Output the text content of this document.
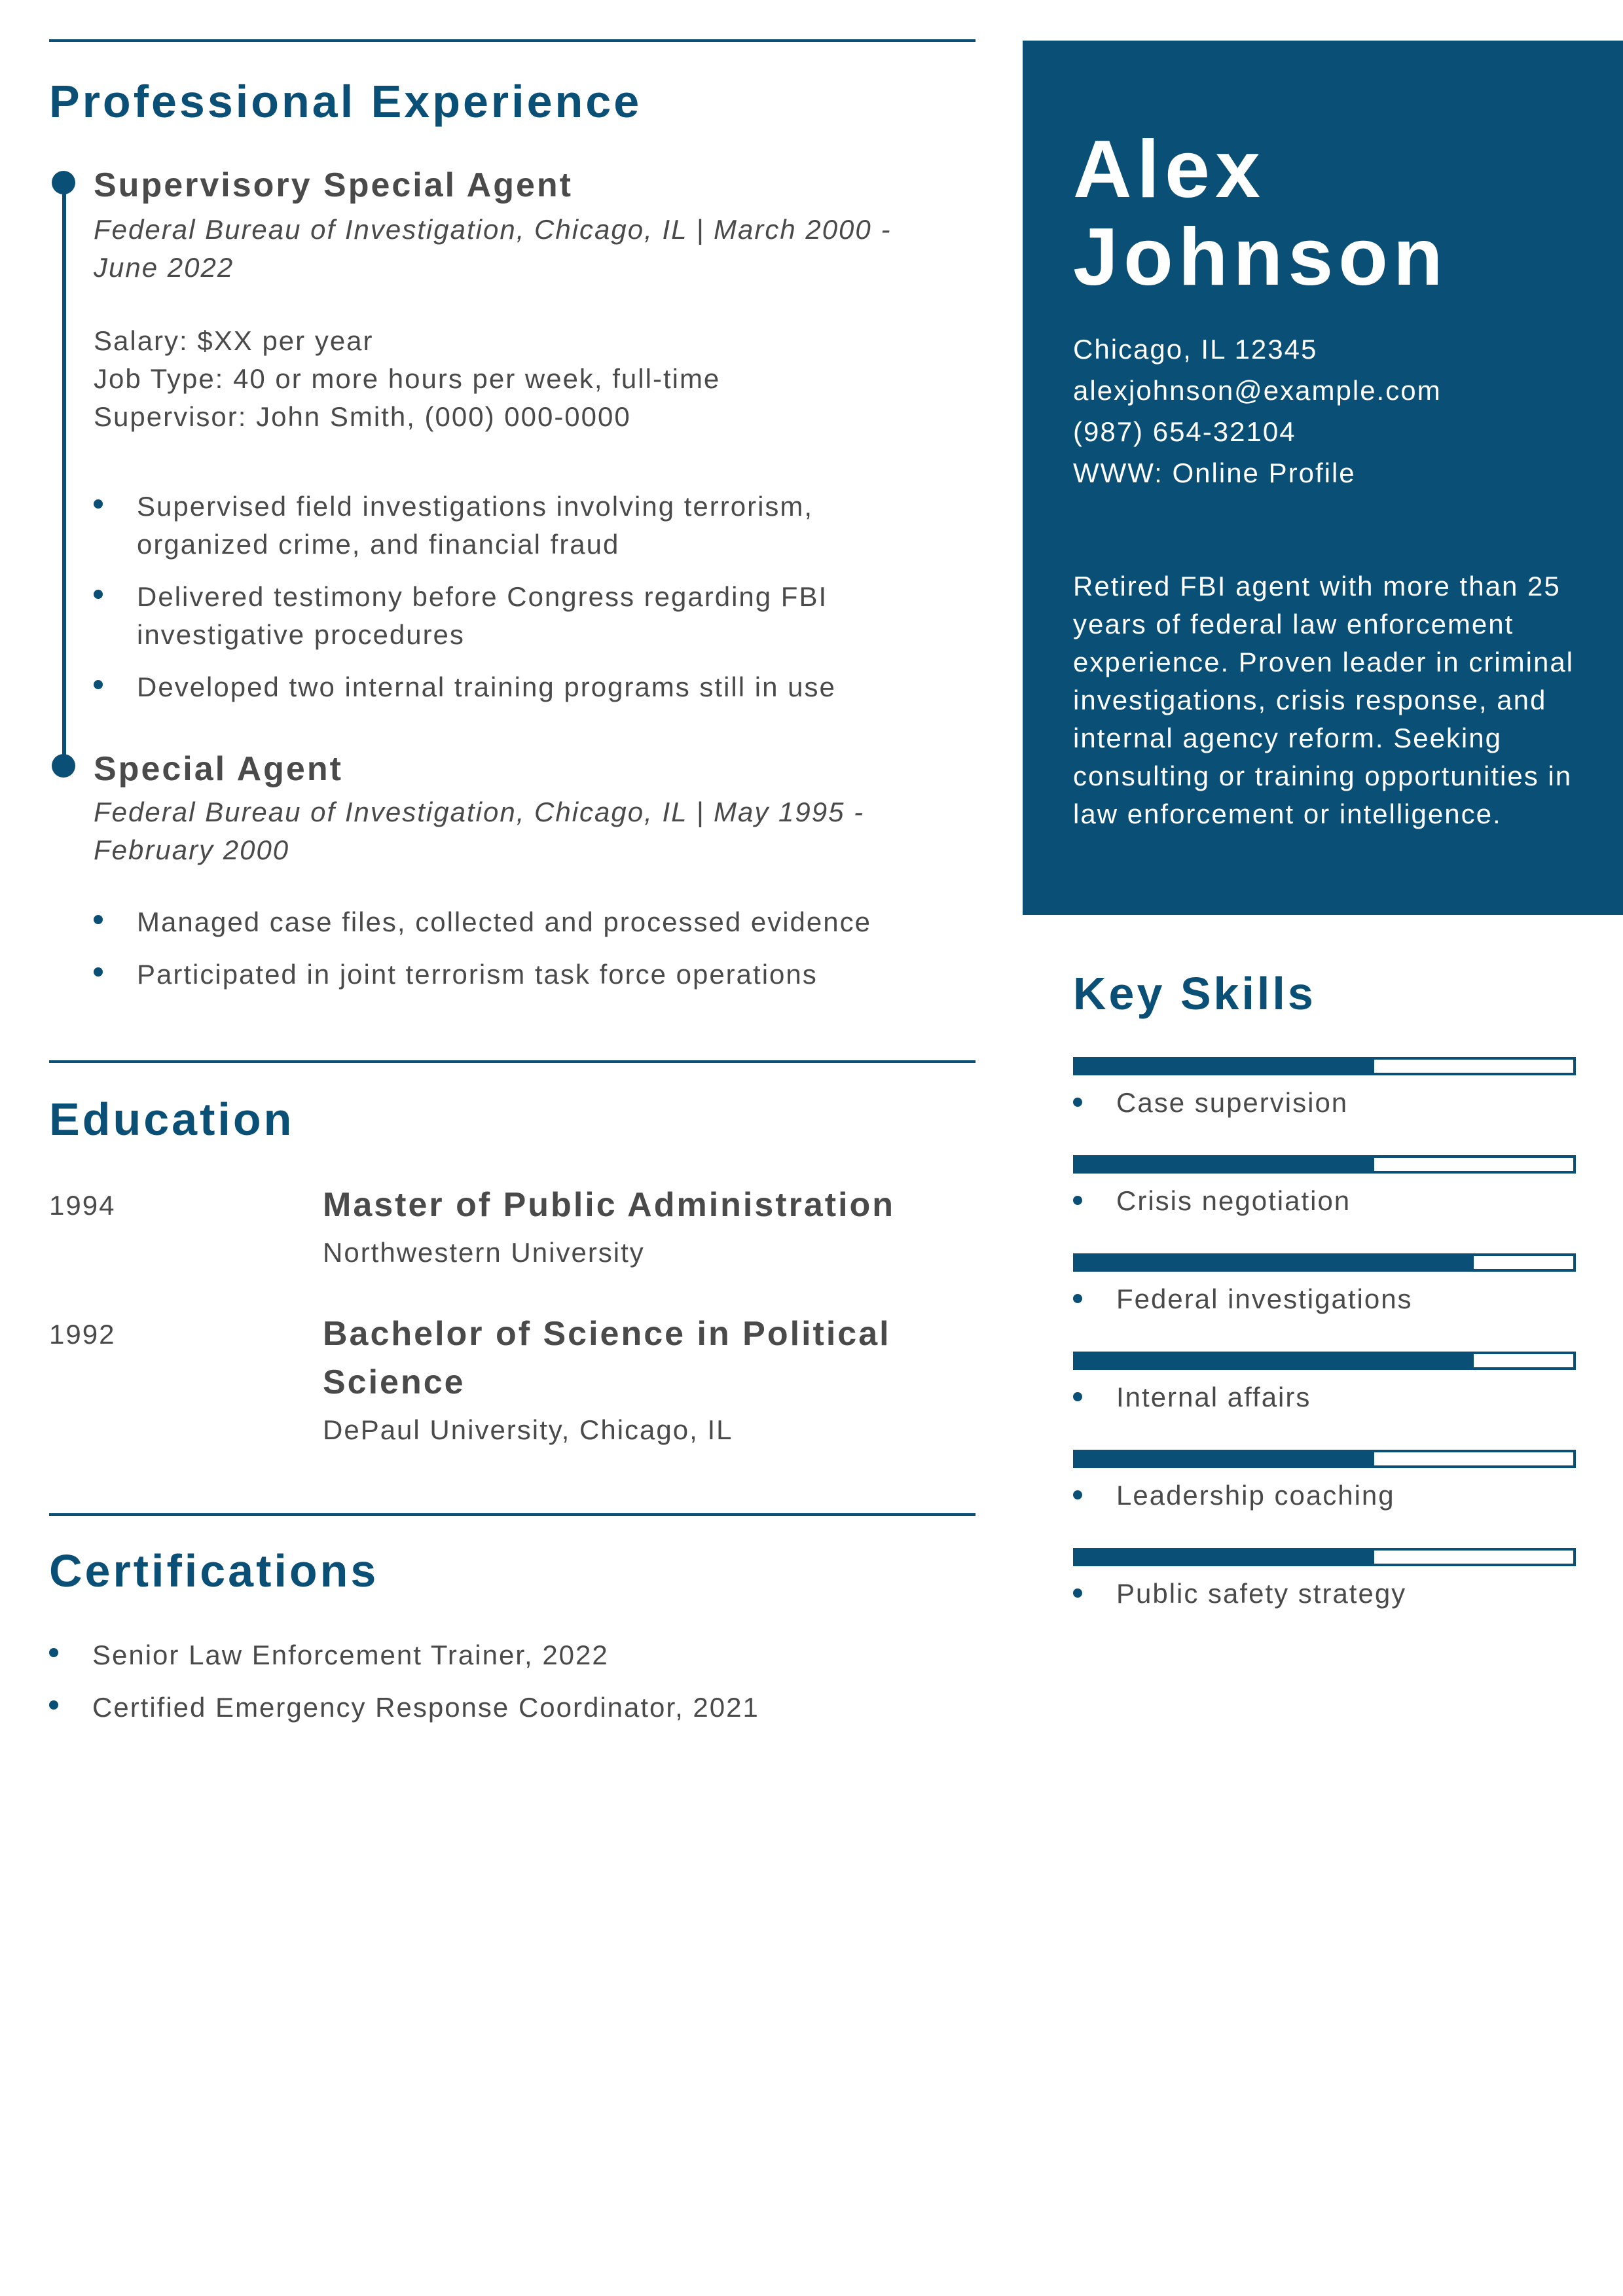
Professional Experience
Supervisory Special Agent
Federal Bureau of Investigation, Chicago, IL | March 2000 - June 2022
Salary: $XX per year
Job Type: 40 or more hours per week, full-time
Supervisor: John Smith, (000) 000-0000
Supervised field investigations involving terrorism, organized crime, and financial fraud
Delivered testimony before Congress regarding FBI investigative procedures
Developed two internal training programs still in use
Special Agent
Federal Bureau of Investigation, Chicago, IL | May 1995 - February 2000
Managed case files, collected and processed evidence
Participated in joint terrorism task force operations
Education
1994	Master of Public Administration
Northwestern University
1992	Bachelor of Science in Political Science
DePaul University, Chicago, IL
Certifications
Senior Law Enforcement Trainer, 2022
Certified Emergency Response Coordinator, 2021
Alex
Johnson
Chicago, IL 12345
alexjohnson@example.com
(987) 654-32104
WWW: Online Profile
Retired FBI agent with more than 25 years of federal law enforcement experience. Proven leader in criminal investigations, crisis response, and internal agency reform. Seeking consulting or training opportunities in law enforcement or intelligence.
Key Skills
Case supervision
Crisis negotiation
Federal investigations
Internal affairs
Leadership coaching
Public safety strategy
